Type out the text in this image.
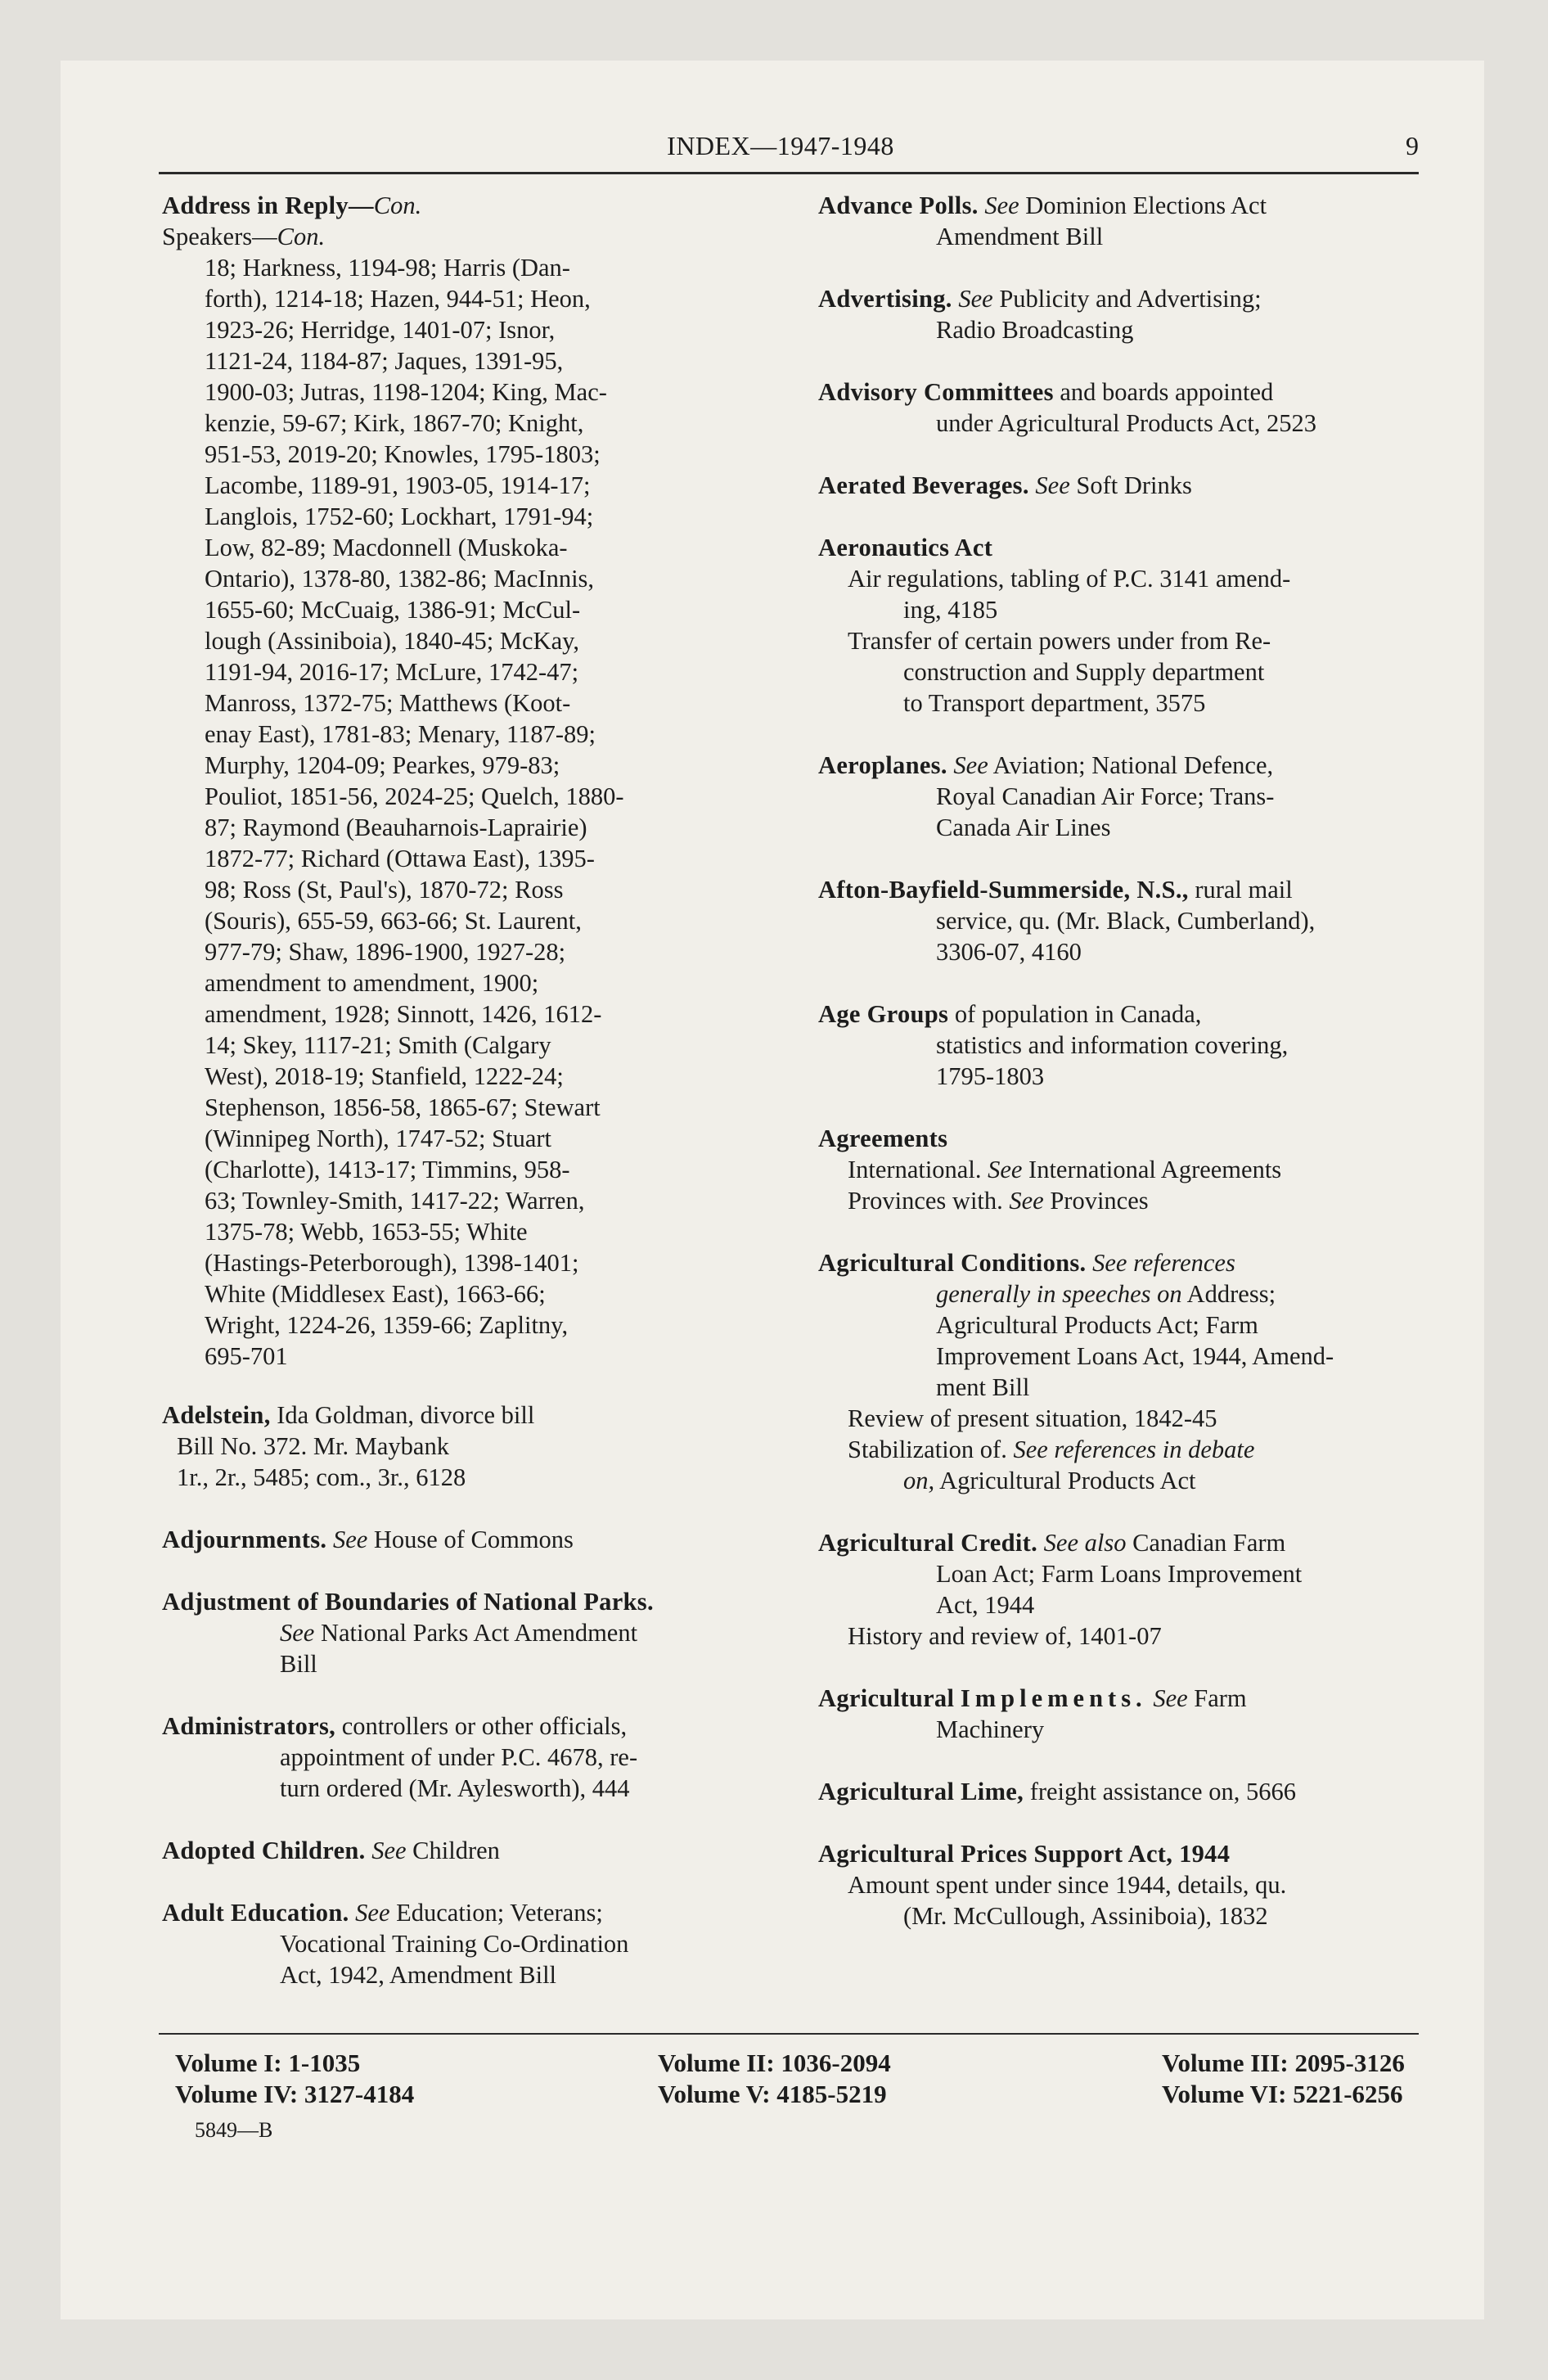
INDEX—1947-1948	9
Address in Reply—Con.
Speakers—Con.
18; Harkness, 1194-98; Harris (Dan-
forth), 1214-18; Hazen, 944-51; Heon,
1923-26; Herridge, 1401-07; Isnor,
1121-24, 1184-87; Jaques, 1391-95,
1900-03; Jutras, 1198-1204; King, Mac-
kenzie, 59-67; Kirk, 1867-70; Knight,
951-53, 2019-20; Knowles, 1795-1803;
Lacombe, 1189-91, 1903-05, 1914-17;
Langlois, 1752-60; Lockhart, 1791-94;
Low, 82-89; Macdonnell (Muskoka-
Ontario), 1378-80, 1382-86; MacInnis,
1655-60; McCuaig, 1386-91; McCul-
lough (Assiniboia), 1840-45; McKay,
1191-94, 2016-17; McLure, 1742-47;
Manross, 1372-75; Matthews (Koot-
enay East), 1781-83; Menary, 1187-89;
Murphy, 1204-09; Pearkes, 979-83;
Pouliot, 1851-56, 2024-25; Quelch, 1880-
87; Raymond (Beauharnois-Laprairie)
1872-77; Richard (Ottawa East), 1395-
98; Ross (St, Paul's), 1870-72; Ross
(Souris), 655-59, 663-66; St. Laurent,
977-79; Shaw, 1896-1900, 1927-28;
amendment to amendment, 1900;
amendment, 1928; Sinnott, 1426, 1612-
14; Skey, 1117-21; Smith (Calgary
West), 2018-19; Stanfield, 1222-24;
Stephenson, 1856-58, 1865-67; Stewart
(Winnipeg North), 1747-52; Stuart
(Charlotte), 1413-17; Timmins, 958-
63; Townley-Smith, 1417-22; Warren,
1375-78; Webb, 1653-55; White
(Hastings-Peterborough), 1398-1401;
White (Middlesex East), 1663-66;
Wright, 1224-26, 1359-66; Zaplitny,
695-701
Adelstein, Ida Goldman, divorce bill
Bill No. 372. Mr. Maybank
1r., 2r., 5485; com., 3r., 6128
Adjournments. See House of Commons
Adjustment of Boundaries of National Parks.
See National Parks Act Amendment
Bill
Administrators, controllers or other officials,
appointment of under P.C. 4678, re-
turn ordered (Mr. Aylesworth), 444
Adopted Children. See Children
Adult Education. See Education; Veterans;
Vocational Training Co-Ordination
Act, 1942, Amendment Bill
Advance Polls. See Dominion Elections Act
Amendment Bill
Advertising. See Publicity and Advertising;
Radio Broadcasting
Advisory Committees and boards appointed
under Agricultural Products Act, 2523
Aerated Beverages. See Soft Drinks
Aeronautics Act
Air regulations, tabling of P.C. 3141 amend-
ing, 4185
Transfer of certain powers under from Re-
construction and Supply department
to Transport department, 3575
Aeroplanes. See Aviation; National Defence,
Royal Canadian Air Force; Trans-
Canada Air Lines
Afton-Bayfield-Summerside, N.S., rural mail
service, qu. (Mr. Black, Cumberland),
3306-07, 4160
Age Groups of population in Canada,
statistics and information covering,
1795-1803
Agreements
International. See International Agreements
Provinces with. See Provinces
Agricultural Conditions. See references
generally in speeches on Address;
Agricultural Products Act; Farm
Improvement Loans Act, 1944, Amend-
ment Bill
Review of present situation, 1842-45
Stabilization of. See references in debate
on, Agricultural Products Act
Agricultural Credit. See also Canadian Farm
Loan Act; Farm Loans Improvement
Act, 1944
History and review of, 1401-07
Agricultural Implements. See Farm
Machinery
Agricultural Lime, freight assistance on, 5666
Agricultural Prices Support Act, 1944
Amount spent under since 1944, details, qu.
(Mr. McCullough, Assiniboia), 1832
Volume I: 1-1035
Volume IV: 3127-4184
Volume II: 1036-2094
Volume V: 4185-5219
Volume III: 2095-3126
Volume VI: 5221-6256
5849—B
